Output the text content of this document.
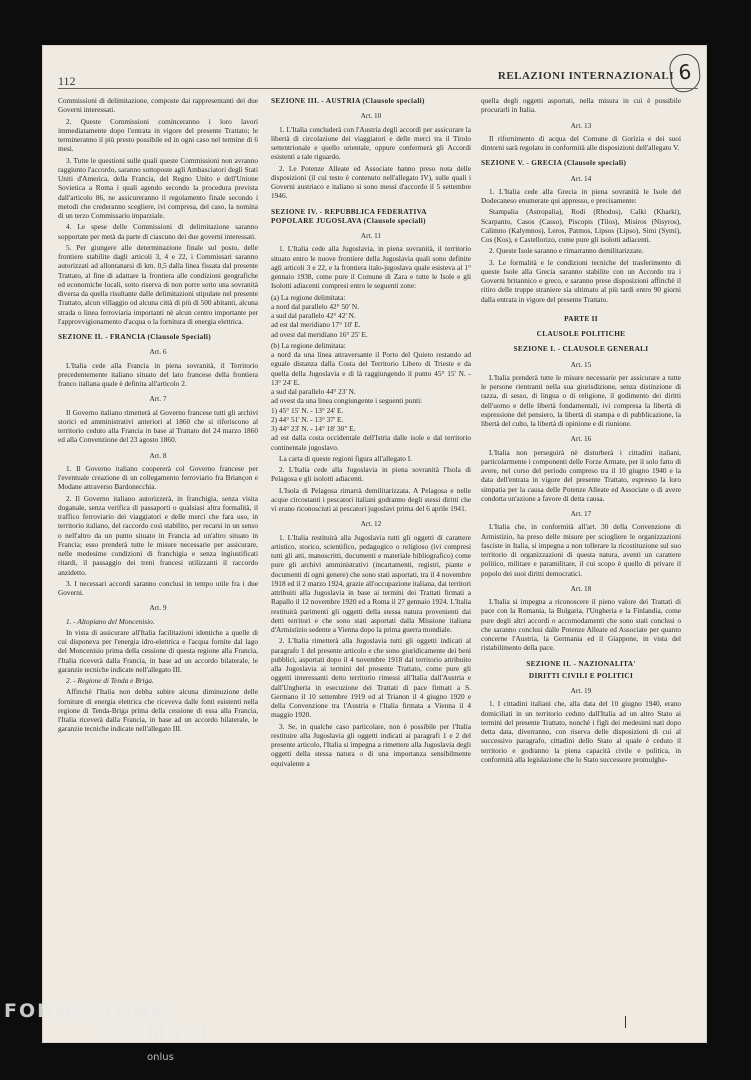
112	RELAZIONI INTERNAZIONALI 6

Commissioni di delimitazione, composte dai rappresentanti dei due Governi interessati.

2. Queste Commissioni cominceranno i loro lavori immediatamente dopo l'entrata in vigore del presente Trattato; le termineranno il più presto possibile ed in ogni caso nel termine di 6 mesi.

3. Tutte le questioni sulle quali queste Commissioni non avranno raggiunto l'accordo, saranno sottoposte agli Ambasciatori degli Stati Uniti d'America, della Francia, del Regno Unito e dell'Unione Sovietica a Roma i quali agendo secondo la procedura prevista dall'articolo 86, ne assicureranno il regolamento finale secondo i metodi che crederanno scegliere, ivi compresa, del caso, la nomina di un terzo Commissario imparziale.

4. Le spese delle Commissioni di delimitazione saranno sopportate per metà da parte di ciascuno dei due governi interessati.

5. Per giungere alle determinazione finale sul posto, delle frontiere stabilite dagli articoli 3, 4 e 22, i Commissari saranno autorizzati ad allontanarsi di km. 0,5 dalla linea fissata dal presente Trattato, al fine di adattare la frontiera alle condizioni geografiche ed economiche locali, sotto riserva di non porre sotto una sovranità diversa da quella risultante dalle delimitazioni stipulate nel presente Trattato, alcun villaggio od alcuna città di più di 500 abitanti, alcuna strada o linea ferroviaria importanti nè alcun centro importante per l'approvvigionamento d'acqua o la fornitura di energia elettrica.

SEZIONE II. - FRANCIA (Clausole Speciali)

Art. 6

L'Italia cede alla Francia in piena sovranità, il Territorio precedentemente italiano situato del lato francese della frontiera franco italiana quale è definita all'articolo 2.

Art. 7

Il Governo italiano rimetterà al Governo francese tutti gli archivi storici ed amministrativi anteriori al 1860 che si riferiscono al territorio ceduto alla Francia in base al Trattato del 24 marzo 1860 ed alla Convenzione del 23 agosto 1860.

Art. 8

1. Il Governo italiano coopererà col Governo francese per l'eventuale creazione di un collegamento ferroviario fra Briançon e Modane attraverso Bardonecchia.

2. Il Governo italiano autorizzerà, in franchigia, senza visita doganale, senza verifica di passaporti o qualsiasi altra formalità, il traffico ferroviario dei viaggiatori e delle merci che fara uso, in territorio italiano, del raccordo così stabilito, per recarsi in un senso o nell'altro da un punto situato in Francia ad un'altro situato in Francia; esso prenderà tutte le misure necessarie per assicurare, nelle medesime condizioni di franchigia e senza ingiustificati ritardi, il passaggio dei treni francesi utilizzanti il raccordo anzidetto.

3. I necessari accordi saranno conclusi in tempo utile fra i due Governi.

Art. 9

1. - Altopiano del Moncenisio.

In vista di assicurare all'Italia facilitazioni identiche a quelle di cui disponeva per l'energia idro-elettrica e l'acqua fornite dal lago del Moncenisio prima della cessione di questa regione alla Francia, l'Italia riceverà dalla Francia, in base ad un accordo bilaterale, le garanzie tecniche indicate nell'allegato III.

2. - Regione di Tenda e Briga.

Affinchè l'Italia non debba subire alcuna diminuzione delle forniture di energia elettrica che riceveva dalle fonti esistenti nella regione di Tenda-Briga prima della cessione di essa alla Francia, l'Italia riceverà dalla Francia, in base ad un accordo bilaterale, le garanzie tecniche indicate nell'allegato III.

SEZIONE III. - AUSTRIA (Clausole speciali)

Art. 10

1. L'Italia concluderà con l'Austria degli accordi per assicurare la libertà di circolazione dei viaggiatori e delle merci tra il Tirolo settentrionale e quello orientale, oppure confermerà gli Accordi esistenti a tale riguardo.

2. Le Potenze Alleate ed Associate hanno preso nota delle disposizioni (il cui testo è contenuto nell'allegato IV), sulle quali i Governi austriaco e italiano si sono messi d'accordo il 5 settembre 1946.

SEZIONE IV. - REPUBBLICA FEDERATIVA POPOLARE JUGOSLAVA (Clausole speciali)

Art. 11

1. L'Italia cede alla Jugoslavia, in piena sovranità, il territorio situato entro le nuove frontiere della Jugoslavia quali sono definite agli articoli 3 e 22, e la frontiera italo-jugoslava quale esisteva al 1° gennaio 1938, come pure il Comune di Zara e tutte le Isole e gli Isolotti adiacenti compresi entro le seguenti zone:

(a) La regione delimitata:
a nord dal parallelo 42° 50' N.
a sud dal parallelo 42° 42' N.
ad est dal meridiano 17° 10' E.
ad ovest dal meridiano 16° 25' E.

(b) La regione delimitata:
a nord da una linea attraversante il Porto del Quieto restando ad eguale distanza dalla Costa del Territorio Libero di Trieste e da quella della Jugoslavia e di là raggiungendo il punto 45° 15' N. - 13° 24' E.
a sud dal parallelo 44° 23' N.
ad ovest da una linea congiungente i seguenti punti:
1) 45° 15' N. - 13° 24' E.
2) 44° 51' N. - 13° 37' E.
3) 44° 23' N. - 14° 18' 30" E.
ad est dalla costa occidentale dell'Istria dalle isole e dal territorio continentale jugoslavo.

La carta di queste regioni figura all'allegato I.

2. L'Italia cede alla Jugoslavia in piena sovranità l'Isola di Pelagosa e gli isolotti adiacenti.

L'Isola di Pelagosa rimarrà demilitarizzata. A Pelagosa e nelle acque circostanti i pescatori italiani godranno degli stessi diritti che vi erano riconosciuti ai pescatori jugoslavi prima del 6 aprile 1941.

Art. 12

1. L'Italia restituirà alla Jugoslavia tutti gli oggetti di carattere artistico, storico, scientifico, pedagogico o religioso (ivi compresi tutti gli atti, manoscritti, documenti e materiale bibliografico) come pure gli archivi amministrativi (incartamenti, registri, piante e documenti di ogni genere) che sono stati asportati, tra il 4 novembre 1918 ed il 2 marzo 1924, grazie all'occupazione italiana, dai territori attribuiti alla Jugoslavia in base ai termini dei Trattati firmati a Rapallo il 12 novembre 1920 ed a Roma il 27 gennaio 1924. L'Italia restituirà parimenti gli oggetti della stessa natura provenienti dai detti territori e che sono stati asportati dalla Missione italiana d'Armistizio sedente a Vienna dopo la prima guerra mondiale.

2. L'Italia rimetterà alla Jugoslavia tutti gli oggetti indicati al paragrafo 1 del presente articolo e che sono giuridicamente dei beni pubblici, asportati dopo il 4 novembre 1918 dal territorio attribuito alla Jugoslavia ai termini del presente Trattato, come pure gli oggetti interessanti detto territorio rimessi all'Italia dall'Austria e dall'Ungheria in esecuzione dei Trattati di pace firmati a S. Germano il 10 settembre 1919 ed al Trianon il 4 giugno 1920 e della Convenzione tra l'Austria e l'Italia firmata a Vienna il 4 maggio 1920.

3. Se, in qualche caso particolare, non è possibile per l'Italia restituire alla Jugoslavia gli oggetti indicati ai paragrafi 1 e 2 del presente articolo, l'Italia si impegna a rimettere alla Jugoslavia degli oggetti della stessa natura o di una importanza sensibilmente equivalente a

quella degli oggetti asportati, nella misura in cui è possibile procurarli in Italia.

Art. 13

Il rifornimento di acqua del Comune di Gorizia e dei suoi dintorni sarà regolato in conformità alle disposizioni dell'allegato V.

SEZIONE V. - GRECIA (Clausole speciali)

Art. 14

1. L'Italia cede alla Grecia in piena sovranità le Isole del Dodecaneso enumerate qui appresso, e precisamente:

Stampalia (Astropalia), Rodi (Rhodos), Calki (Kharki), Scarpanto, Casos (Casso), Piscopis (Tilos), Misiros (Nisyros), Calimno (Kalymnos), Leros, Patmos, Lipsos (Lipso), Simi (Symi), Cos (Kos), e Castellorizo, come pure gli isolotti adiacenti.

2. Queste Isole saranno e rimarranno demilitarizzate.

3. Le formalità e le condizioni tecniche del trasferimento di queste Isole alla Grecia saranno stabilite con un Accordo tra i Governi britannico e greco, e saranno prese disposizioni affinchè il ritiro delle truppe straniere sia ultimato al più tardi entro 90 giorni dalla entrata in vigore del presente Trattato.

PARTE II

CLAUSOLE POLITICHE

SEZIONE I. - CLAUSOLE GENERALI

Art. 15

L'Italia prenderà tutte le misure necessarie per assicurare a tutte le persone rientranti nella sua giurisdizione, senza distinzione di razza, di sesso, di lingua o di religione, il godimento dei diritti dell'uomo e delle libertà fondamentali, ivi compresa la libertà di espressione del pensiero, la libertà di stampa e di pubblicazione, la libertà del culto, la libertà di opinione e di riunione.

Art. 16

L'Italia non perseguirà nè disturberà i cittadini italiani, particolarmente i componenti delle Forze Armate, per il solo fatto di avere, nel corso del periodo compreso tra il 10 giugno 1940 e la data dell'entrata in vigore del presente Trattato, espresso la loro simpatia per la causa delle Potenze Alleate ed Associate o di avere condotta un'azione a favore di detta causa.

Art. 17

L'Italia che, in conformità all'art. 30 della Convenzione di Armistizio, ha preso delle misure per sciogliere le organizzazioni fasciste in Italia, si impegna a non tollerare la ricostituzione sul suo territorio di organizzazioni di questa natura, aventi un carattere politico, militare e paramilitare, il cui scopo è quello di privare il popolo dei suoi diritti democratici.

Art. 18

L'Italia si impegna a riconoscere il pieno valore dei Trattati di pace con la Romania, la Bulgaria, l'Ungheria e la Finlandia, come pure degli altri accordi o accomodamenti che sono stati conclusi o che saranno conclusi dalle Potenze Alleate ed Associate per quanto concerne l'Austria, la Germania ed il Giappone, in vista del ristabilimento della pace.

SEZIONE II. - NAZIONALITA'

DIRITTI CIVILI E POLITICI

Art. 19

1. I cittadini italiani che, alla data del 10 giugno 1940, erano domiciliati in un territorio ceduto dall'Italia ad un altro Stato ai termini del presente Trattato, nonchè i figli dei medesimi nati dopo detta data, diverranno, con riserva delle disposizioni di cui al successivo paragrafo, cittadini dello Stato al quale è ceduto il territorio e godranno la piena capacità civile e politica, in conformità alla legislazione che lo Stato successore promulghe-

FONDAZIONE
GRAMSCI
onlus
